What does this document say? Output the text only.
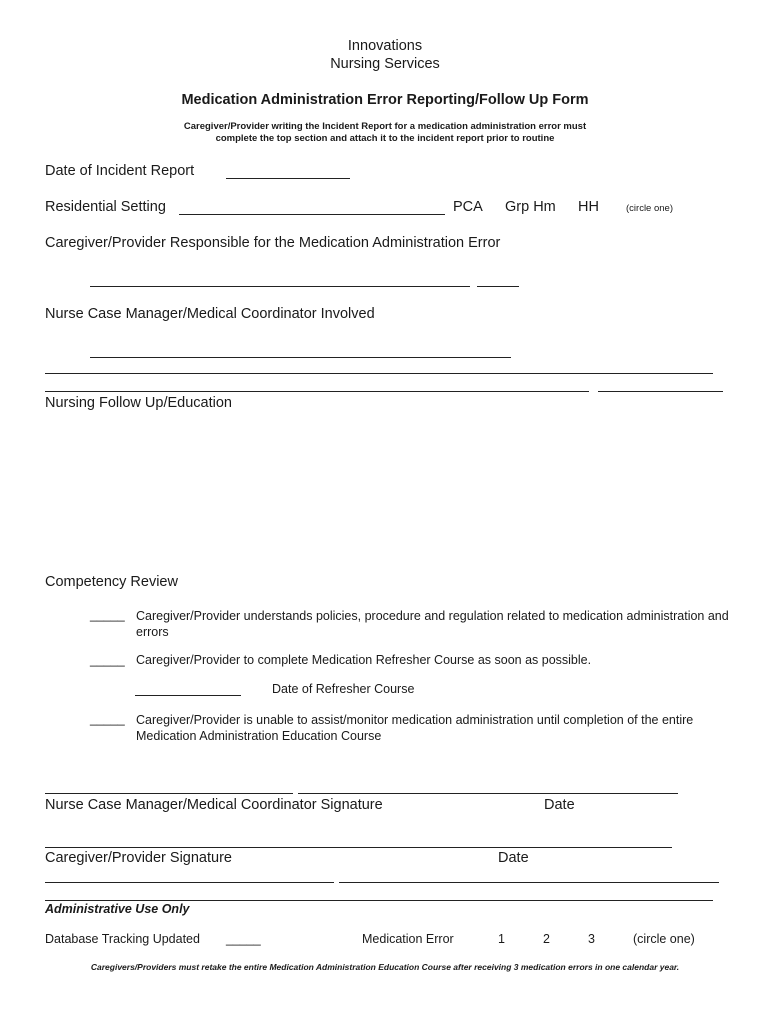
Innovations
Nursing Services
Medication Administration Error Reporting/Follow Up Form
Caregiver/Provider writing the Incident Report for a medication administration error must
complete the top section and attach it to the incident report prior to routine
Date of Incident Report
Residential Setting	PCA Grp Hm HH	(circle one)
Caregiver/Provider Responsible for the Medication Administration Error
Nurse Case Manager/Medical Coordinator Involved
Nursing Follow Up/Education
Competency Review
_____ Caregiver/Provider understands policies, procedure and regulation related to medication administration and errors
_____ Caregiver/Provider to complete Medication Refresher Course as soon as possible.
Date of Refresher Course
_____ Caregiver/Provider is unable to assist/monitor medication administration until completion of the entire Medication Administration Education Course
Nurse Case Manager/Medical Coordinator Signature	Date
Caregiver/Provider Signature	Date
Administrative Use Only
Database Tracking Updated _____	Medication Error	1	2	3	(circle one)
Caregivers/Providers must retake the entire Medication Administration Education Course after receiving 3 medication errors in one calendar year.
